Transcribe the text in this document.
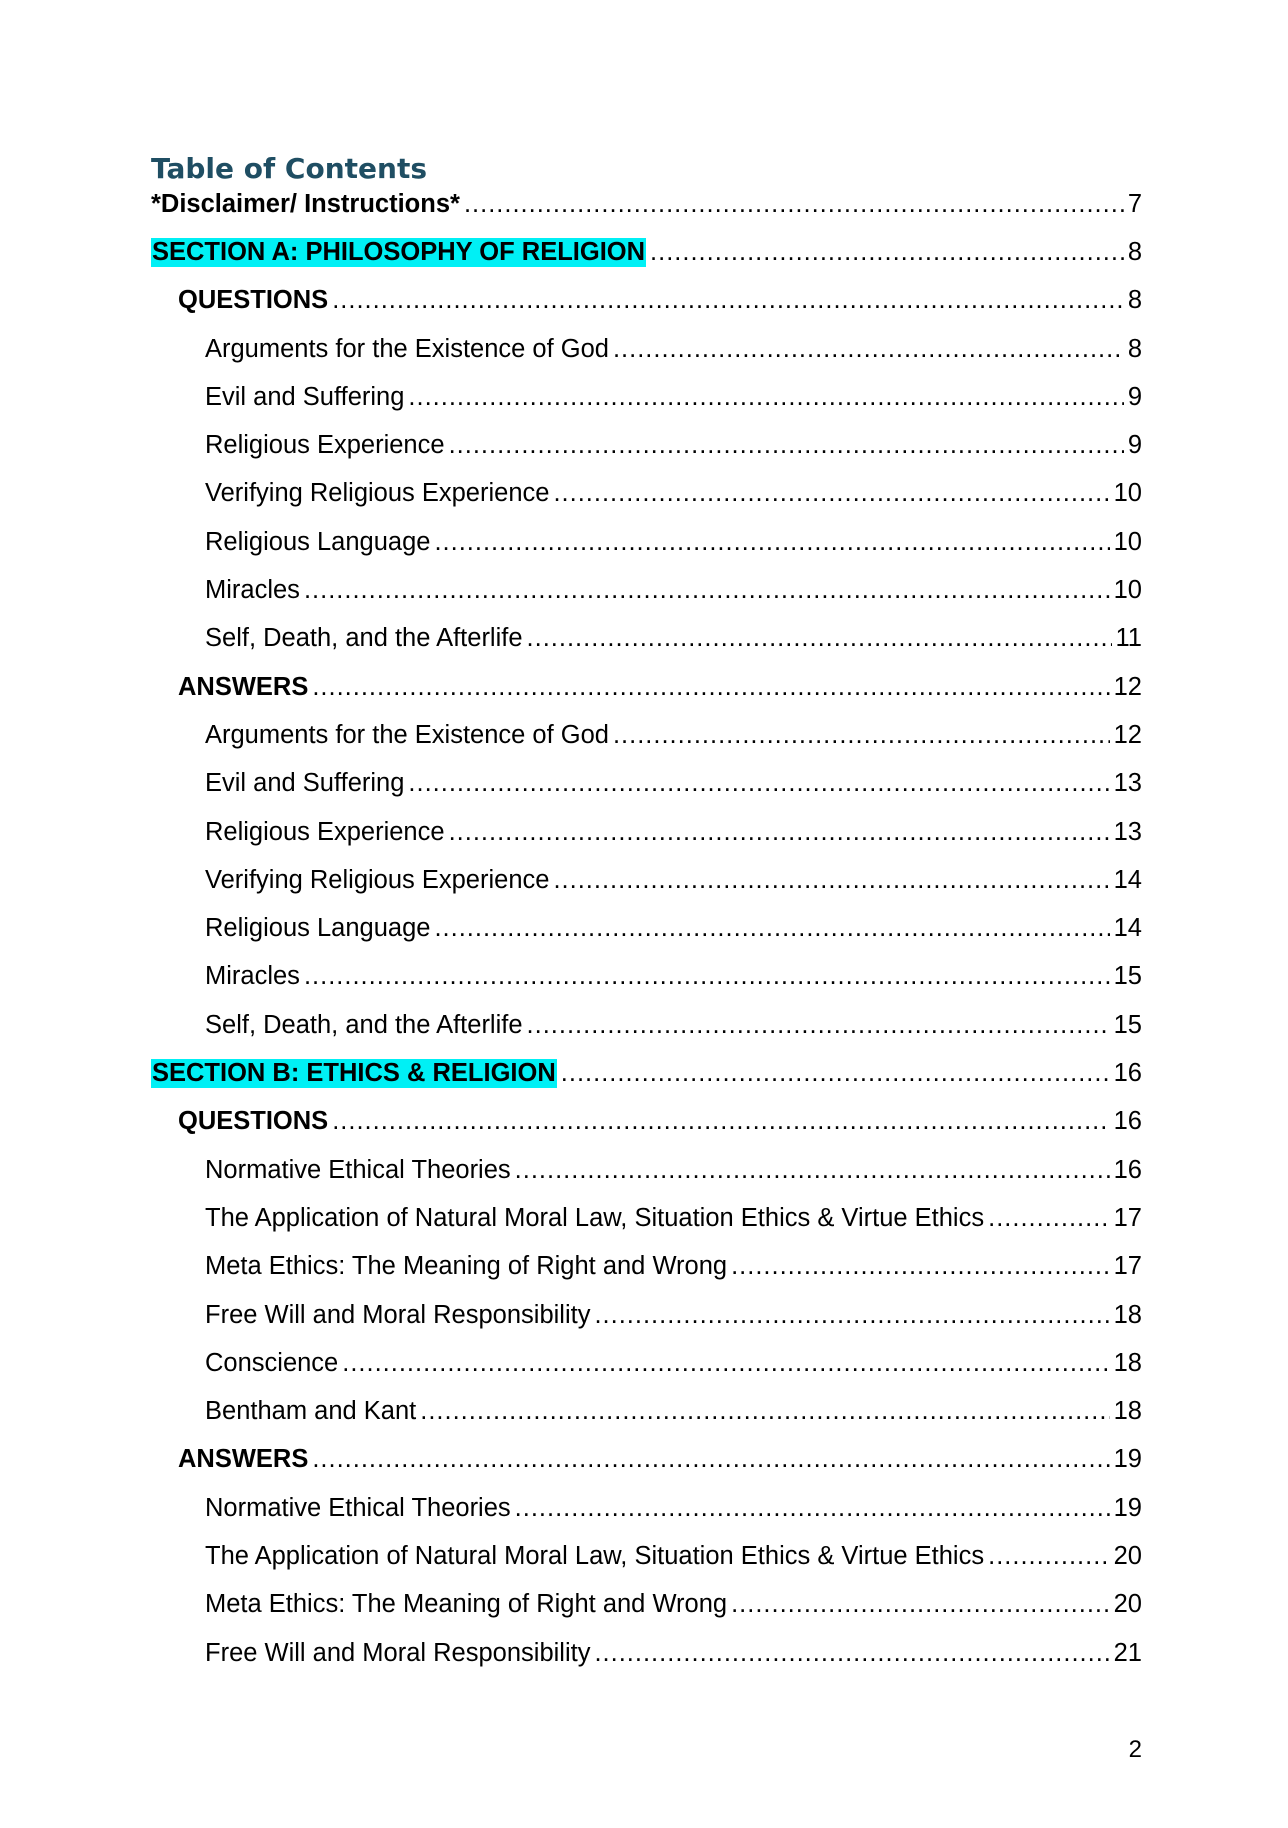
Table of Contents
*Disclaimer/ Instructions* .....	7
SECTION A: PHILOSOPHY OF RELIGION .....	8
QUESTIONS .....	8
Arguments for the Existence of God .....	8
Evil and Suffering .....	9
Religious Experience .....	9
Verifying Religious Experience .....	10
Religious Language .....	10
Miracles .....	10
Self, Death, and the Afterlife .....	11
ANSWERS .....	12
Arguments for the Existence of God .....	12
Evil and Suffering .....	13
Religious Experience .....	13
Verifying Religious Experience .....	14
Religious Language .....	14
Miracles .....	15
Self, Death, and the Afterlife .....	15
SECTION B: ETHICS & RELIGION .....	16
QUESTIONS .....	16
Normative Ethical Theories .....	16
The Application of Natural Moral Law, Situation Ethics & Virtue Ethics .....	17
Meta Ethics: The Meaning of Right and Wrong .....	17
Free Will and Moral Responsibility .....	18
Conscience .....	18
Bentham and Kant .....	18
ANSWERS .....	19
Normative Ethical Theories .....	19
The Application of Natural Moral Law, Situation Ethics & Virtue Ethics .....	20
Meta Ethics: The Meaning of Right and Wrong .....	20
Free Will and Moral Responsibility .....	21
2
